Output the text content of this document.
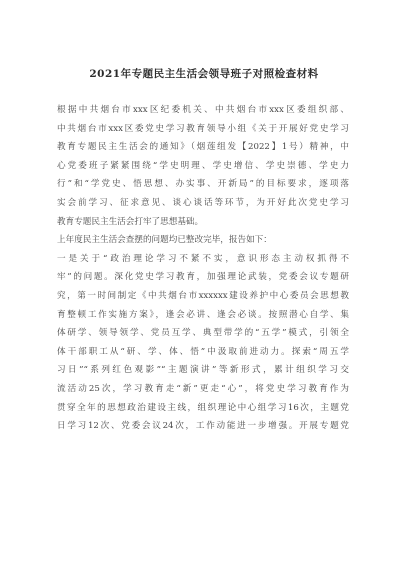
2021年专题民主生活会领导班子对照检查材料
根据中共烟台市xxx区纪委机关、中共烟台市xxx区委组织部、
中共烟台市xxx区委党史学习教育领导小组《关于开展好党史学习
教育专题民主生活会的通知》（烟莲组发【2022】1号）精神，中
心党委班子紧紧围绕“学史明理、学史增信、学史崇德、学史力
行”和“学党史、悟思想、办实事、开新局”的目标要求，逐项落
实会前学习、征求意见、谈心谈话等环节，为开好此次党史学习
教育专题民主生活会打牢了思想基础。
上年度民主生活会查摆的问题均已整改完毕，报告如下：
一是关于“政治理论学习不紧不实，意识形态主动权抓得不
牢”的问题。深化党史学习教育，加强理论武装，党委会议专题研
究，第一时间制定《中共烟台市xxxxxx建设养护中心委员会思想教
育整顿工作实施方案》，逢会必讲、逢会必谈。按照潜心自学、集
体研学、领导领学、党员互学、典型带学的“五学”模式，引领全
体干部职工从“研、学、体、悟”中汲取前进动力。探索“周五学
习日”“系列红色观影”“主题演讲”等新形式，累计组织学习交
流活动25次，学习教育走“新”更走“心”，将党史学习教育作为
贯穿全年的思想政治建设主线，组织理论中心组学习16次，主题党
日学习12次、党委会议24次，工作动能进一步增强。开展专题党
